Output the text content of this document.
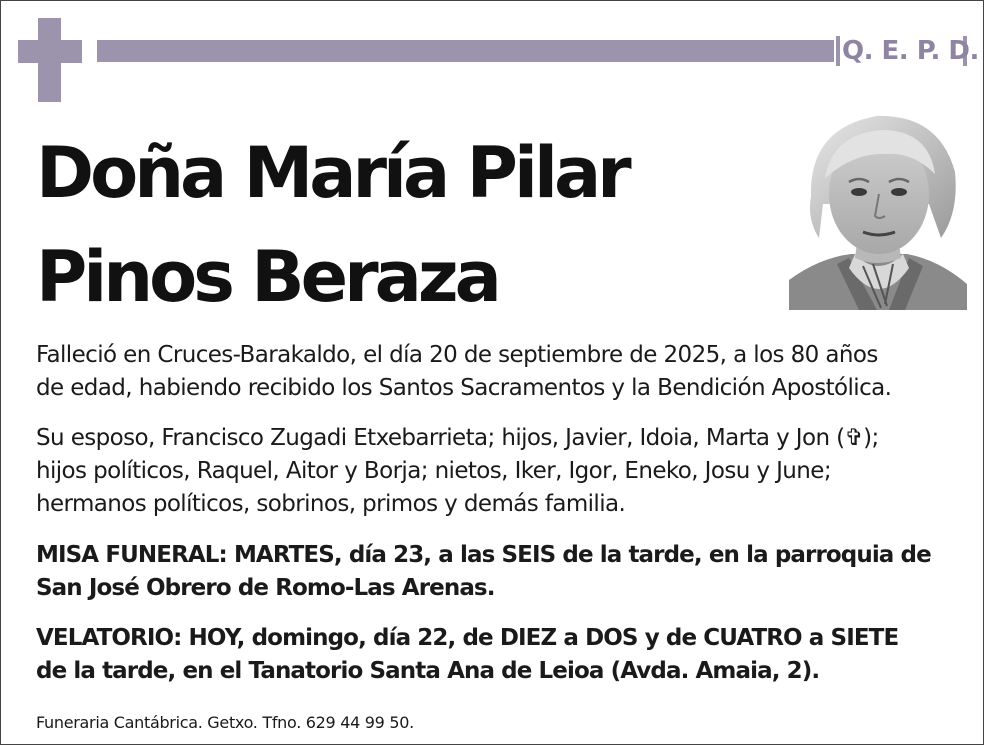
Q. E. P. D.
Doña María Pilar
Pinos Beraza

Falleció en Cruces-Barakaldo, el día 20 de septiembre de 2025, a los 80 años
de edad, habiendo recibido los Santos Sacramentos y la Bendición Apostólica.

Su esposo, Francisco Zugadi Etxebarrieta; hijos, Javier, Idoia, Marta y Jon (✞);
hijos políticos, Raquel, Aitor y Borja; nietos, Iker, Igor, Eneko, Josu y June;
hermanos políticos, sobrinos, primos y demás familia.

MISA FUNERAL: MARTES, día 23, a las SEIS de la tarde, en la parroquia de
San José Obrero de Romo-Las Arenas.

VELATORIO: HOY, domingo, día 22, de DIEZ a DOS y de CUATRO a SIETE
de la tarde, en el Tanatorio Santa Ana de Leioa (Avda. Amaia, 2).

Funeraria Cantábrica. Getxo. Tfno. 629 44 99 50.
